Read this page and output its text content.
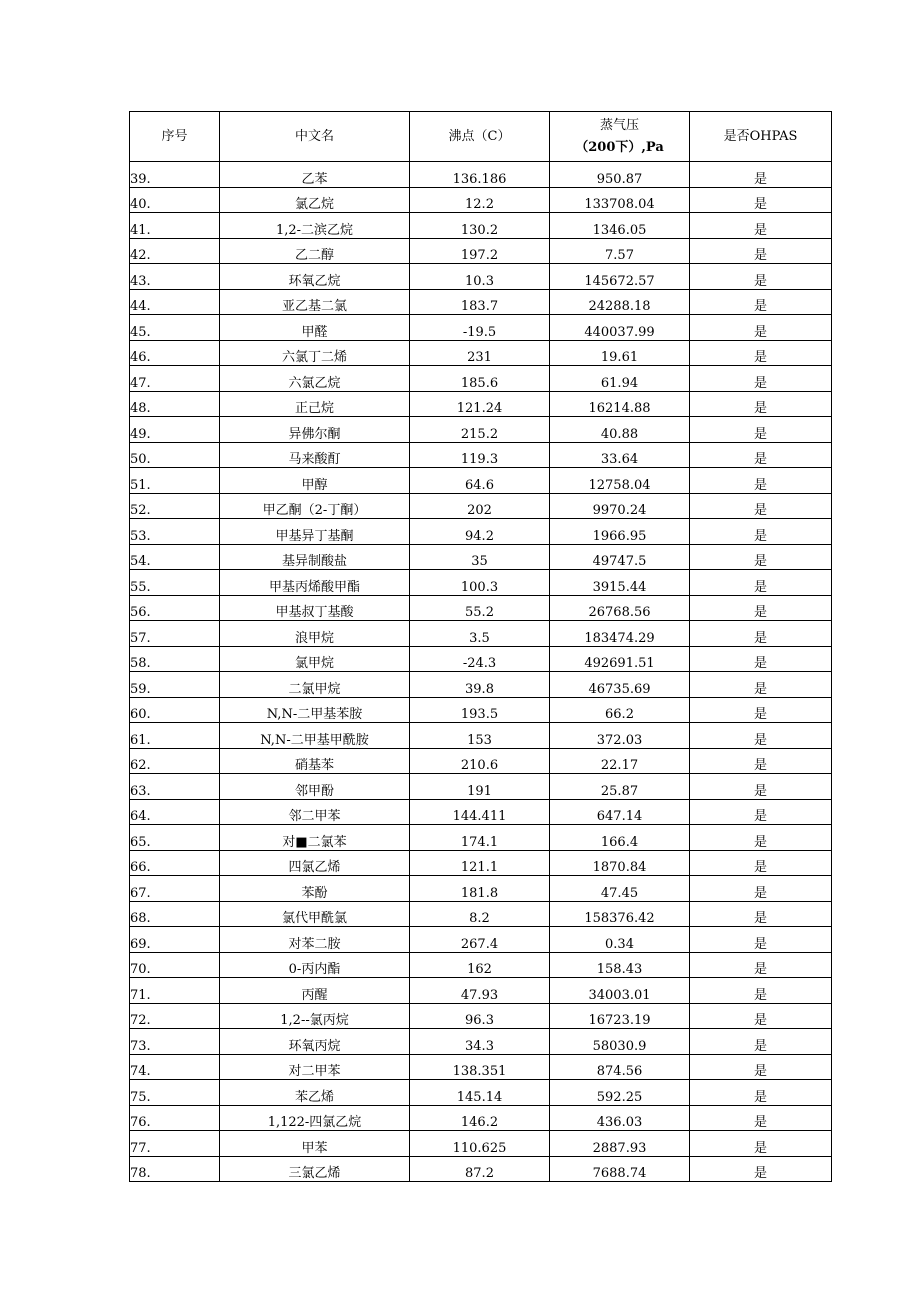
序号	中文名	沸点（C）	蒸气压
（200下）,Pa	是否OHPAS
39.	乙苯	136.186	950.87	是
40.	氯乙烷	12.2	133708.04	是
41.	1,2-二滨乙烷	130.2	1346.05	是
42.	乙二醇	197.2	7.57	是
43.	环氧乙烷	10.3	145672.57	是
44.	亚乙基二氯	183.7	24288.18	是
45.	甲醛	-19.5	440037.99	是
46.	六氯丁二烯	231	19.61	是
47.	六氯乙烷	185.6	61.94	是
48.	正己烷	121.24	16214.88	是
49.	异佛尔酮	215.2	40.88	是
50.	马来酸酊	119.3	33.64	是
51.	甲醇	64.6	12758.04	是
52.	甲乙酮（2-丁酮）	202	9970.24	是
53.	甲基异丁基酮	94.2	1966.95	是
54.	基异制酸盐	35	49747.5	是
55.	甲基丙烯酸甲酯	100.3	3915.44	是
56.	甲基叔丁基酸	55.2	26768.56	是
57.	浪甲烷	3.5	183474.29	是
58.	氯甲烷	-24.3	492691.51	是
59.	二氯甲烷	39.8	46735.69	是
60.	N,N-二甲基苯胺	193.5	66.2	是
61.	N,N-二甲基甲酰胺	153	372.03	是
62.	硝基苯	210.6	22.17	是
63.	邻甲酚	191	25.87	是
64.	邻二甲苯	144.411	647.14	是
65.	对■二氯苯	174.1	166.4	是
66.	四氯乙烯	121.1	1870.84	是
67.	苯酚	181.8	47.45	是
68.	氯代甲酰氯	8.2	158376.42	是
69.	对苯二胺	267.4	0.34	是
70.	0-丙内酯	162	158.43	是
71.	丙醒	47.93	34003.01	是
72.	1,2--氯丙烷	96.3	16723.19	是
73.	环氧丙烷	34.3	58030.9	是
74.	对二甲苯	138.351	874.56	是
75.	苯乙烯	145.14	592.25	是
76.	1,122-四氯乙烷	146.2	436.03	是
77.	甲苯	110.625	2887.93	是
78.	三氯乙烯	87.2	7688.74	是
